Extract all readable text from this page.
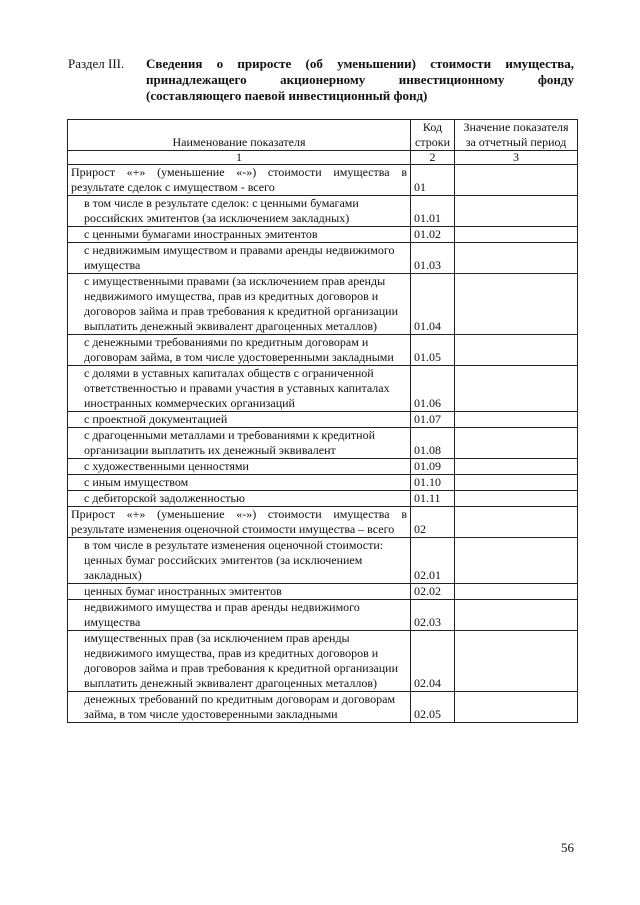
Раздел III. Сведения о приросте (об уменьшении) стоимости имущества, принадлежащего акционерному инвестиционному фонду (составляющего паевой инвестиционный фонд)
Наименование показателя	Код строки	Значение показателя за отчетный период
1	2	3
Прирост «+» (уменьшение «-») стоимости имущества в результате сделок с имуществом - всего	01	
в том числе в результате сделок: с ценными бумагами российских эмитентов (за исключением закладных)	01.01	
с ценными бумагами иностранных эмитентов	01.02	
с недвижимым имуществом и правами аренды недвижимого имущества	01.03	
с имущественными правами (за исключением прав аренды недвижимого имущества, прав из кредитных договоров и договоров займа и прав требования к кредитной организации выплатить денежный эквивалент драгоценных металлов)	01.04	
с денежными требованиями по кредитным договорам и договорам займа, в том числе удостоверенными закладными	01.05	
с долями в уставных капиталах обществ с ограниченной ответственностью и правами участия в уставных капиталах иностранных коммерческих организаций	01.06	
с проектной документацией	01.07	
с драгоценными металлами и требованиями к кредитной организации выплатить их денежный эквивалент	01.08	
с художественными ценностями	01.09	
с иным имуществом	01.10	
с дебиторской задолженностью	01.11	
Прирост «+» (уменьшение «-») стоимости имущества в результате изменения оценочной стоимости имущества – всего	02	
в том числе в результате изменения оценочной стоимости: ценных бумаг российских эмитентов (за исключением закладных)	02.01	
ценных бумаг иностранных эмитентов	02.02	
недвижимого имущества и прав аренды недвижимого имущества	02.03	
имущественных прав (за исключением прав аренды недвижимого имущества, прав из кредитных договоров и договоров займа и прав требования к кредитной организации выплатить денежный эквивалент драгоценных металлов)	02.04	
денежных требований по кредитным договорам и договорам займа, в том числе удостоверенными закладными	02.05	
56
